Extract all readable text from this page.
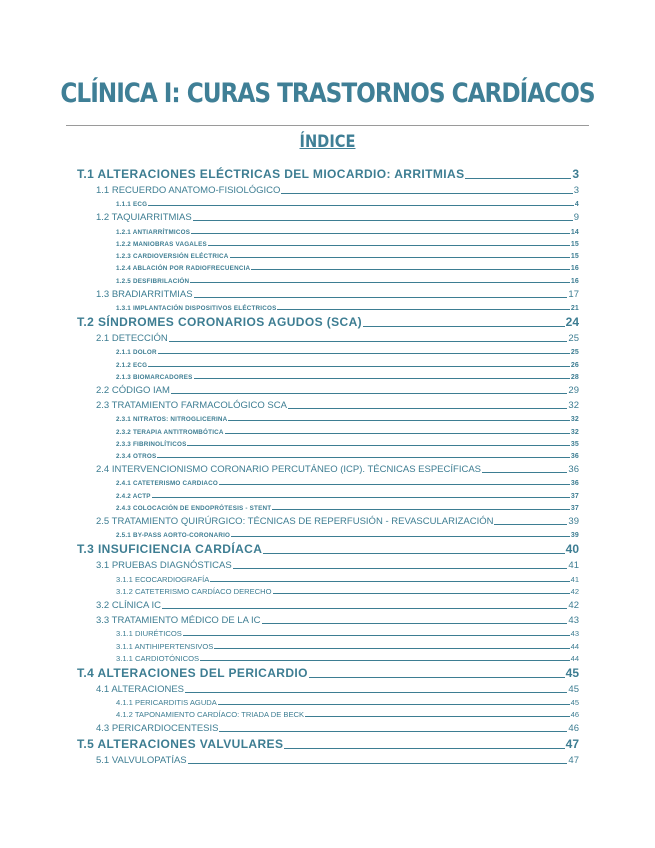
CLÍNICA I: CURAS TRASTORNOS CARDÍACOS
ÍNDICE
T.1 ALTERACIONES ELÉCTRICAS DEL MIOCARDIO: ARRITMIAS	3
1.1 RECUERDO ANATOMO-FISIOLÓGICO	3
1.1.1 ECG	4
1.2 TAQUIARRITMIAS	9
1.2.1 ANTIARRÍTMICOS	14
1.2.2 MANIOBRAS VAGALES	15
1.2.3 CARDIOVERSIÓN ELÉCTRICA	15
1.2.4 ABLACIÓN POR RADIOFRECUENCIA	16
1.2.5 DESFIBRILACIÓN	16
1.3 BRADIARRITMIAS	17
1.3.1 IMPLANTACIÓN DISPOSITIVOS ELÉCTRICOS	21
T.2 SÍNDROMES CORONARIOS AGUDOS (SCA)	24
2.1 DETECCIÓN	25
2.1.1 DOLOR	25
2.1.2 ECG	26
2.1.3 BIOMARCADORES	28
2.2 CÓDIGO IAM	29
2.3 TRATAMIENTO FARMACOLÓGICO SCA	32
2.3.1 NITRATOS: NITROGLICERINA	32
2.3.2 TERAPIA ANTITROMBÓTICA	32
2.3.3 FIBRINOLÍTICOS	35
2.3.4 OTROS	36
2.4 INTERVENCIONISMO CORONARIO PERCUTÁNEO (ICP). TÉCNICAS ESPECÍFICAS	36
2.4.1 CATETERISMO CARDIACO	36
2.4.2 ACTP	37
2.4.3 COLOCACIÓN DE ENDOPRÓTESIS - STENT	37
2.5 TRATAMIENTO QUIRÚRGICO: TÉCNICAS DE REPERFUSIÓN - REVASCULARIZACIÓN	39
2.5.1 BY-PASS AORTO-CORONARIO	39
T.3 INSUFICIENCIA CARDÍACA	40
3.1 PRUEBAS DIAGNÓSTICAS	41
3.1.1 ECOCARDIOGRAFÍA	41
3.1.2 CATETERISMO CARDÍACO DERECHO	42
3.2 CLÍNICA IC	42
3.3 TRATAMIENTO MÉDICO DE LA IC	43
3.1.1 DIURÉTICOS	43
3.1.1 ANTIHIPERTENSIVOS	44
3.1.1 CARDIOTÓNICOS	44
T.4 ALTERACIONES DEL PERICARDIO	45
4.1 ALTERACIONES	45
4.1.1 PERICARDITIS AGUDA	45
4.1.2 TAPONAMIENTO CARDÍACO: TRIADA DE BECK	46
4.3 PERICARDIOCENTESIS	46
T.5 ALTERACIONES VALVULARES	47
5.1 VALVULOPATÍAS	47
